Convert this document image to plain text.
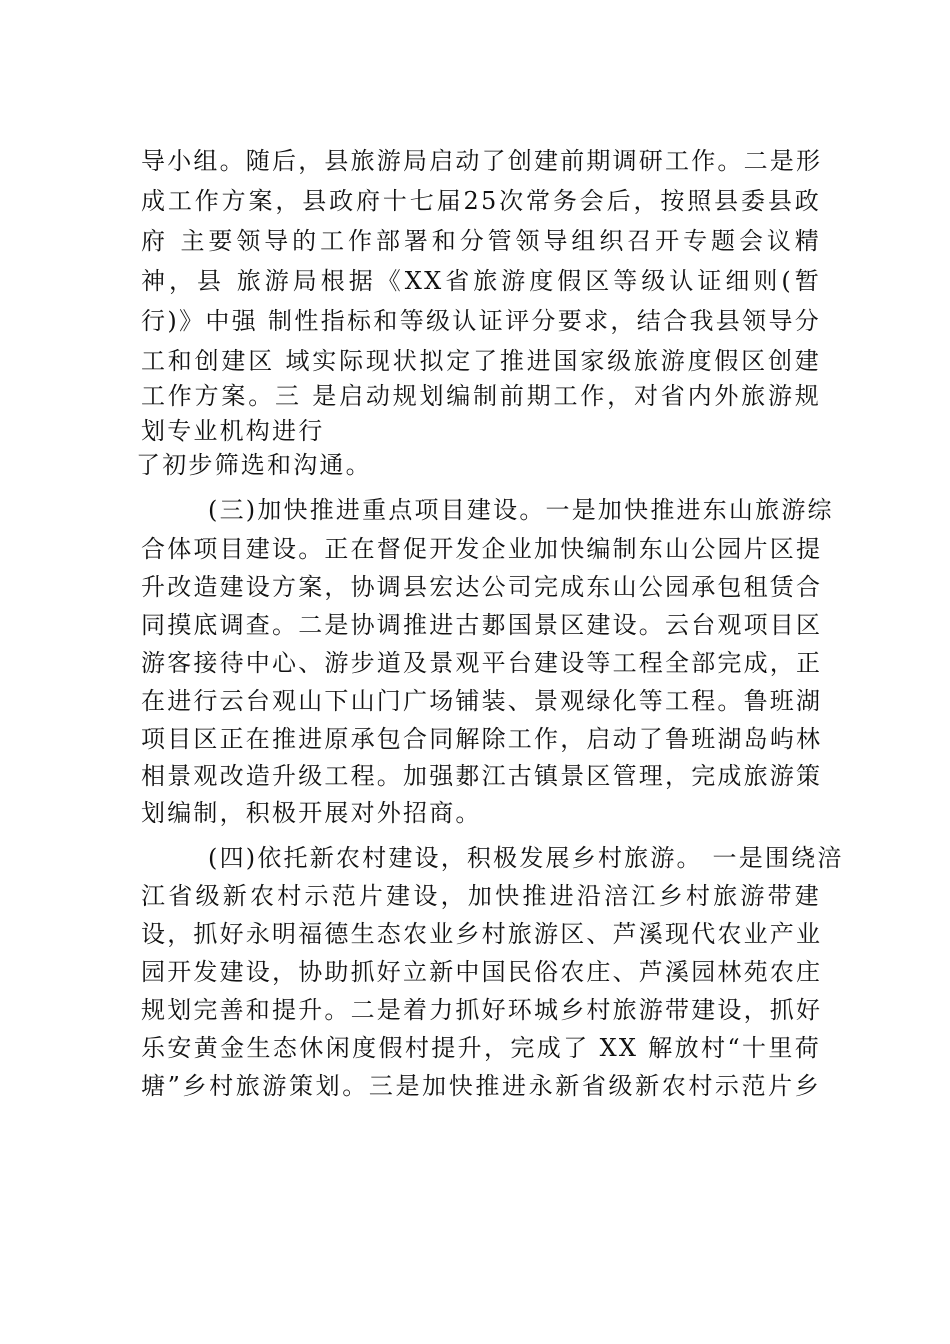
导小组。随后，县旅游局启动了创建前期调研工作。二是形
成工作方案，县政府十七届25次常务会后，按照县委县政
府 主要领导的工作部署和分管领导组织召开专题会议精
神，县 旅游局根据《XX省旅游度假区等级认证细则(暂
行)》中强 制性指标和等级认证评分要求，结合我县领导分
工和创建区 域实际现状拟定了推进国家级旅游度假区创建
工作方案。三 是启动规划编制前期工作，对省内外旅游规
划专业机构进行
了初步筛选和沟通。
(三)加快推进重点项目建设。一是加快推进东山旅游综
合体项目建设。正在督促开发企业加快编制东山公园片区提
升改造建设方案，协调县宏达公司完成东山公园承包租赁合
同摸底调查。二是协调推进古郪国景区建设。云台观项目区
游客接待中心、游步道及景观平台建设等工程全部完成，正
在进行云台观山下山门广场铺装、景观绿化等工程。鲁班湖
项目区正在推进原承包合同解除工作，启动了鲁班湖岛屿林
相景观改造升级工程。加强郪江古镇景区管理，完成旅游策
划编制，积极开展对外招商。
(四)依托新农村建设，积极发展乡村旅游。 一是围绕涪
江省级新农村示范片建设，加快推进沿涪江乡村旅游带建
设，抓好永明福德生态农业乡村旅游区、芦溪现代农业产业
园开发建设，协助抓好立新中国民俗农庄、芦溪园林苑农庄
规划完善和提升。二是着力抓好环城乡村旅游带建设，抓好
乐安黄金生态休闲度假村提升，完成了 XX 解放村“十里荷
塘”乡村旅游策划。三是加快推进永新省级新农村示范片乡
